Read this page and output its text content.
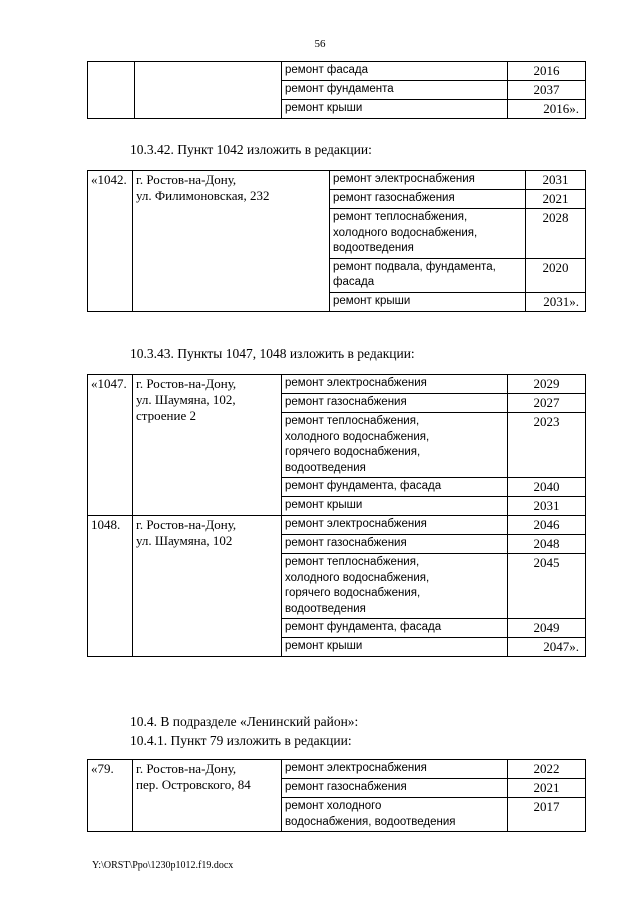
56
		ремонт фасада	2016
		ремонт фундамента	2037
		ремонт крыши	2016».
10.3.42. Пункт 1042 изложить в редакции:
«1042.	г. Ростов-на-Дону,
ул. Филимоновская, 232	ремонт электроснабжения	2031
		ремонт газоснабжения	2021

		ремонт теплоснабжения,
холодного водоснабжения,
водоотведения	2028

		ремонт подвала, фундамента,
фасада	2020
		ремонт крыши	2031».
10.3.43. Пункты 1047, 1048 изложить в редакции:
«1047.	г. Ростов-на-Дону,
ул. Шаумяна, 102,
строение 2	ремонт электроснабжения	2029
		ремонт газоснабжения	2027

		ремонт теплоснабжения,
холодного водоснабжения,
горячего водоснабжения,
водоотведения	2023
		ремонт фундамента, фасада	2040
		ремонт крыши	2031
1048.	г. Ростов-на-Дону,
ул. Шаумяна, 102	ремонт электроснабжения	2046
		ремонт газоснабжения	2048

		ремонт теплоснабжения,
холодного водоснабжения,
горячего водоснабжения,
водоотведения	2045
		ремонт фундамента, фасада	2049
		ремонт крыши	2047».
10.4. В подразделе «Ленинский район»:
10.4.1. Пункт 79 изложить в редакции:
«79.	г. Ростов-на-Дону,
пер. Островского, 84	ремонт электроснабжения	2022
		ремонт газоснабжения	2021

		ремонт холодного
водоснабжения, водоотведения	2017
Y:\ORST\Ppo\1230p1012.f19.docx
